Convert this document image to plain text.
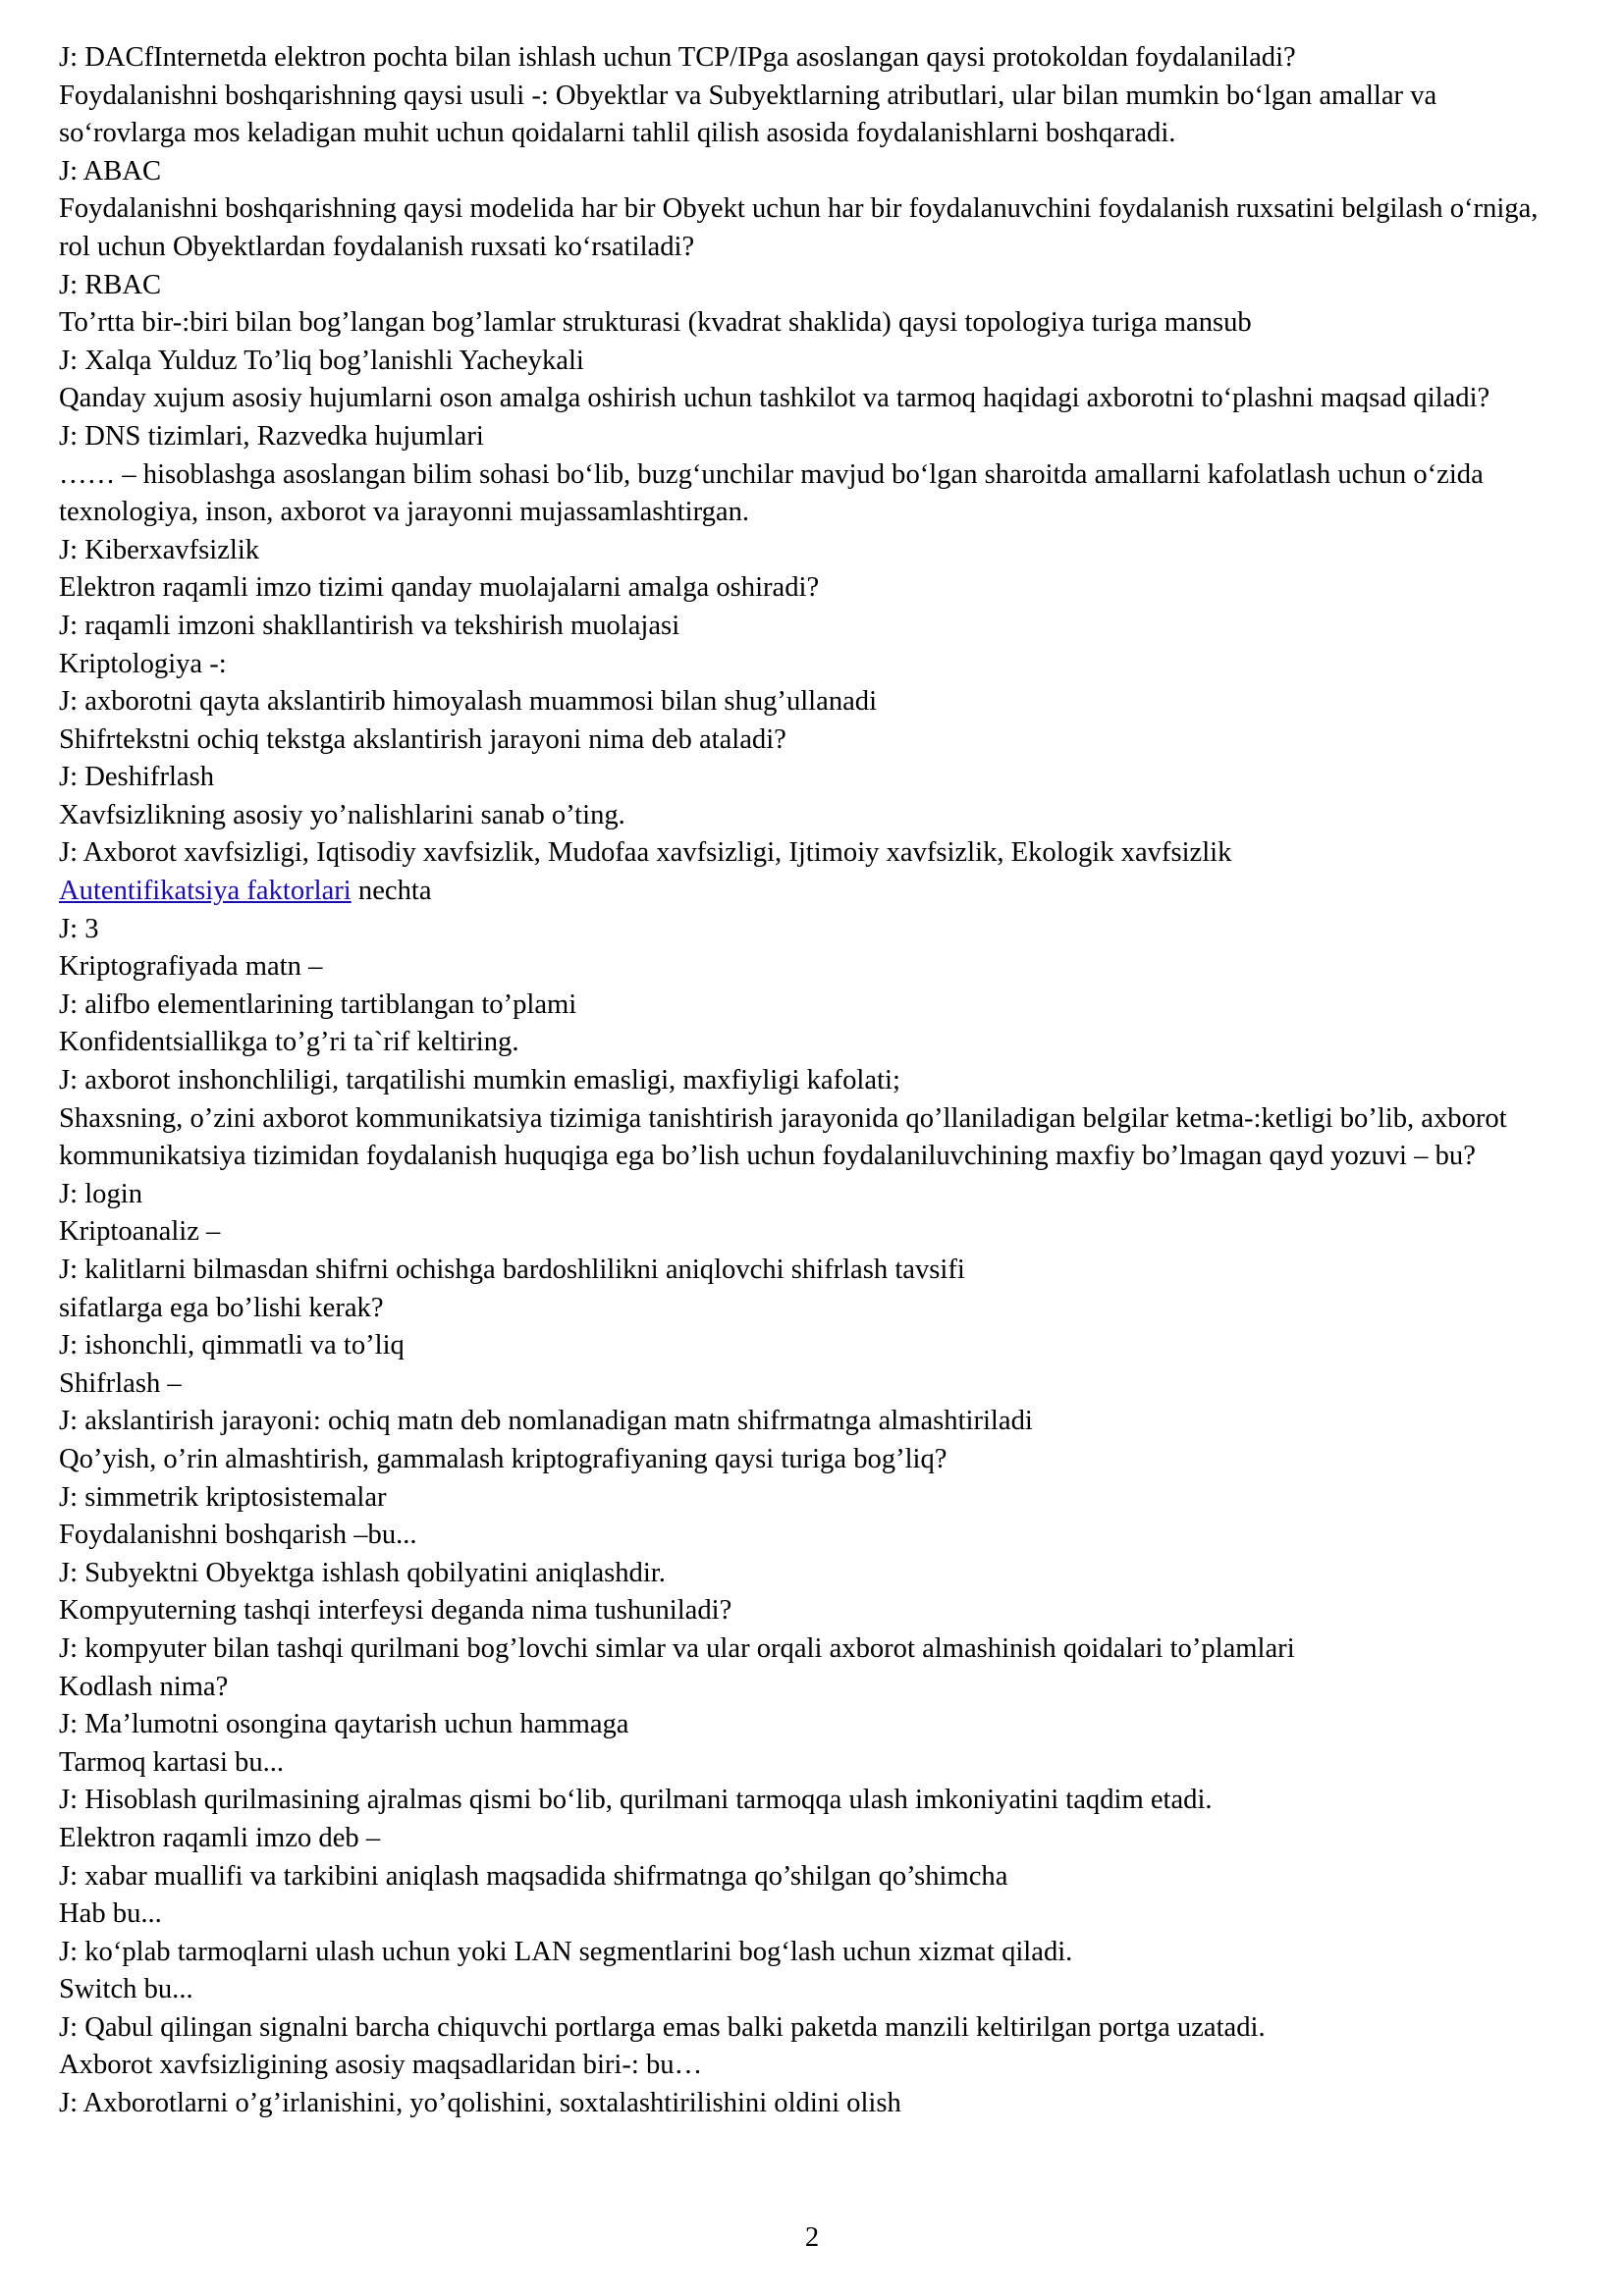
J: DACfInternetda elektron pochta bilan ishlash uchun TCP/IPga asoslangan qaysi protokoldan foydalaniladi?

Foydalanishni boshqarishning qaysi usuli -: Obyektlar va Subyektlarning atributlari, ular bilan mumkin bo‘lgan amallar va so‘rovlarga mos keladigan muhit uchun qoidalarni tahlil qilish asosida foydalanishlarni boshqaradi.

J: ABAC

Foydalanishni boshqarishning qaysi modelida har bir Obyekt uchun har bir foydalanuvchini foydalanish ruxsatini belgilash o‘rniga, rol uchun Obyektlardan foydalanish ruxsati ko‘rsatiladi?

J: RBAC

To’rtta bir-:biri bilan bog’langan bog’lamlar strukturasi (kvadrat shaklida) qaysi topologiya turiga mansub

J: Xalqa Yulduz To’liq bog’lanishli Yacheykali

Qanday xujum asosiy hujumlarni oson amalga oshirish uchun tashkilot va tarmoq haqidagi axborotni to‘plashni maqsad qiladi?

J: DNS tizimlari, Razvedka hujumlari

…… – hisoblashga asoslangan bilim sohasi bo‘lib, buzg‘unchilar mavjud bo‘lgan sharoitda amallarni kafolatlash uchun o‘zida texnologiya, inson, axborot va jarayonni mujassamlashtirgan.

J: Kiberxavfsizlik

Elektron raqamli imzo tizimi qanday muolajalarni amalga oshiradi?

J: raqamli imzoni shakllantirish va tekshirish muolajasi

Kriptologiya -:

J: axborotni qayta akslantirib himoyalash muammosi bilan shug’ullanadi

Shifrtekstni ochiq tekstga akslantirish jarayoni nima deb ataladi?

J: Deshifrlash

Xavfsizlikning asosiy yo’nalishlarini sanab o’ting.

J: Axborot xavfsizligi, Iqtisodiy xavfsizlik, Mudofaa xavfsizligi, Ijtimoiy xavfsizlik, Ekologik xavfsizlik

Autentifikatsiya faktorlari nechta

J: 3

Kriptografiyada matn –

J: alifbo elementlarining tartiblangan to’plami

Konfidentsiallikga to’g’ri ta`rif keltiring.

J: axborot inshonchliligi, tarqatilishi mumkin emasligi, maxfiyligi kafolati;

Shaxsning, o’zini axborot kommunikatsiya tizimiga tanishtirish jarayonida qo’llaniladigan belgilar ketma-:ketligi bo’lib, axborot kommunikatsiya tizimidan foydalanish huquqiga ega bo’lish uchun foydalaniluvchining maxfiy bo’lmagan qayd yozuvi – bu?

J: login

Kriptoanaliz –

J: kalitlarni bilmasdan shifrni ochishga bardoshlilikni aniqlovchi shifrlash tavsifi

sifatlarga ega bo’lishi kerak?

J: ishonchli, qimmatli va to’liq

Shifrlash –

J: akslantirish jarayoni: ochiq matn deb nomlanadigan matn shifrmatnga almashtiriladi

Qo’yish, o’rin almashtirish, gammalash kriptografiyaning qaysi turiga bog’liq?

J: simmetrik kriptosistemalar

Foydalanishni boshqarish –bu...

J: Subyektni Obyektga ishlash qobilyatini aniqlashdir.

Kompyuterning tashqi interfeysi deganda nima tushuniladi?

J: kompyuter bilan tashqi qurilmani bog’lovchi simlar va ular orqali axborot almashinish qoidalari to’plamlari

Kodlash nima?

J: Ma’lumotni osongina qaytarish uchun hammaga

Tarmoq kartasi bu...

J: Hisoblash qurilmasining ajralmas qismi bo‘lib, qurilmani tarmoqqa ulash imkoniyatini taqdim etadi.

Elektron raqamli imzo deb –

J: xabar muallifi va tarkibini aniqlash maqsadida shifrmatnga qo’shilgan qo’shimcha

Hab bu...

J: ko‘plab tarmoqlarni ulash uchun yoki LAN segmentlarini bog‘lash uchun xizmat qiladi.

Switch bu...

J: Qabul qilingan signalni barcha chiquvchi portlarga emas balki paketda manzili keltirilgan portga uzatadi.

Axborot xavfsizligining asosiy maqsadlaridan biri-: bu…

J: Axborotlarni o’g’irlanishini, yo’qolishini, soxtalashtirilishini oldini olish

2
